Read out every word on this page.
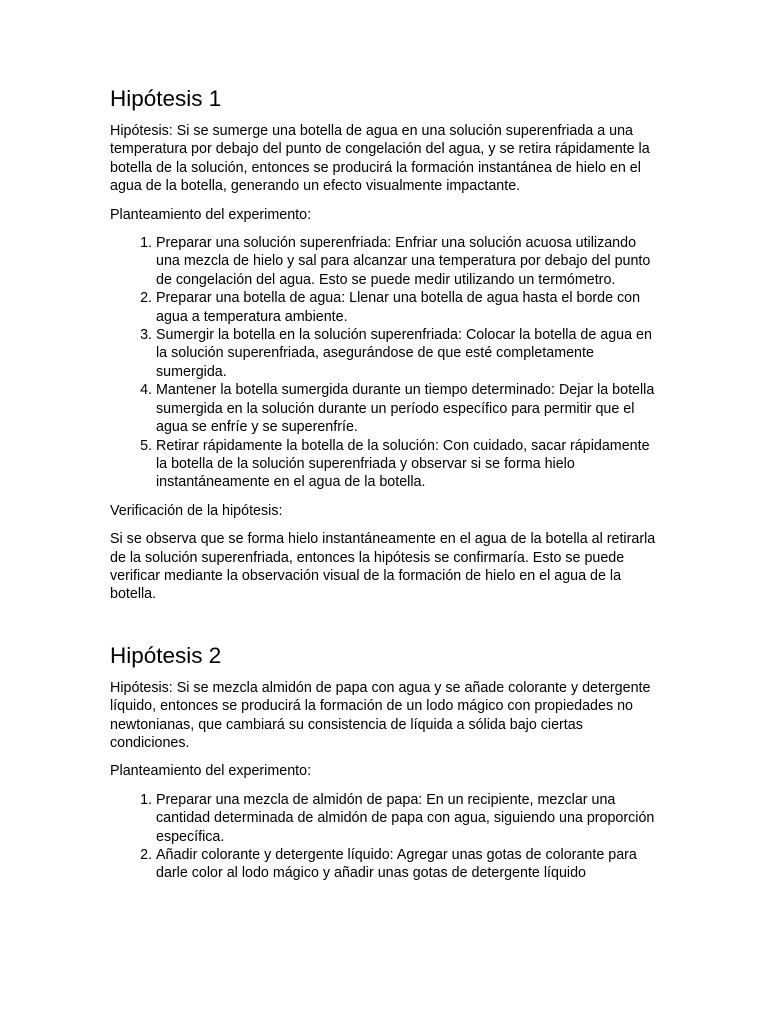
Hipótesis 1

Hipótesis: Si se sumerge una botella de agua en una solución superenfriada a una temperatura por debajo del punto de congelación del agua, y se retira rápidamente la botella de la solución, entonces se producirá la formación instantánea de hielo en el agua de la botella, generando un efecto visualmente impactante.

Planteamiento del experimento:

1. Preparar una solución superenfriada: Enfriar una solución acuosa utilizando una mezcla de hielo y sal para alcanzar una temperatura por debajo del punto de congelación del agua. Esto se puede medir utilizando un termómetro.
2. Preparar una botella de agua: Llenar una botella de agua hasta el borde con agua a temperatura ambiente.
3. Sumergir la botella en la solución superenfriada: Colocar la botella de agua en la solución superenfriada, asegurándose de que esté completamente sumergida.
4. Mantener la botella sumergida durante un tiempo determinado: Dejar la botella sumergida en la solución durante un período específico para permitir que el agua se enfríe y se superenfríe.
5. Retirar rápidamente la botella de la solución: Con cuidado, sacar rápidamente la botella de la solución superenfriada y observar si se forma hielo instantáneamente en el agua de la botella.

Verificación de la hipótesis:

Si se observa que se forma hielo instantáneamente en el agua de la botella al retirarla de la solución superenfriada, entonces la hipótesis se confirmaría. Esto se puede verificar mediante la observación visual de la formación de hielo en el agua de la botella.

Hipótesis 2

Hipótesis: Si se mezcla almidón de papa con agua y se añade colorante y detergente líquido, entonces se producirá la formación de un lodo mágico con propiedades no newtonianas, que cambiará su consistencia de líquida a sólida bajo ciertas condiciones.

Planteamiento del experimento:

1. Preparar una mezcla de almidón de papa: En un recipiente, mezclar una cantidad determinada de almidón de papa con agua, siguiendo una proporción específica.
2. Añadir colorante y detergente líquido: Agregar unas gotas de colorante para darle color al lodo mágico y añadir unas gotas de detergente líquido
